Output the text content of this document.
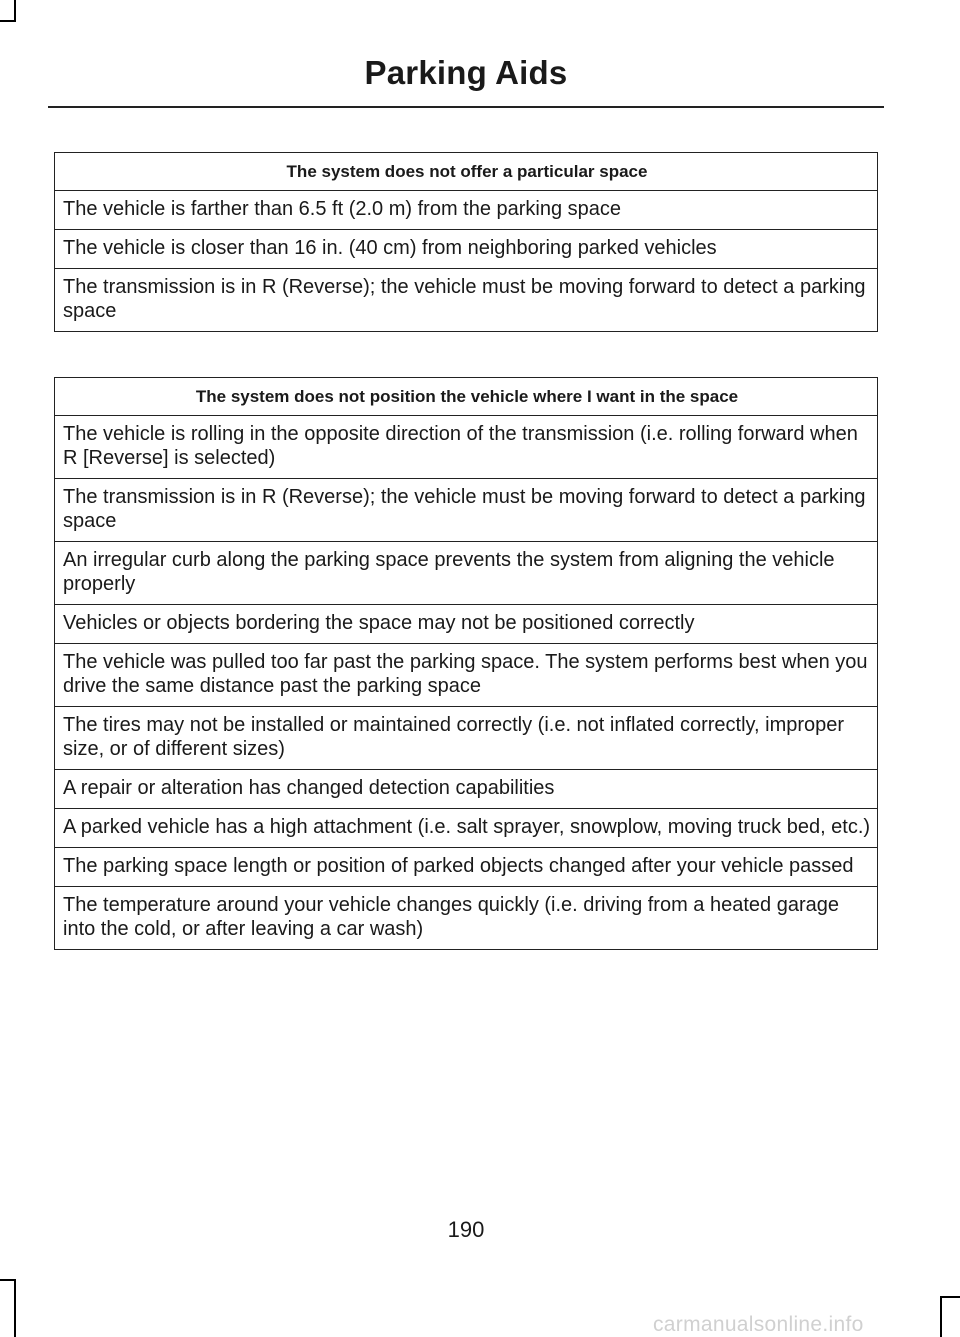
Parking Aids
The system does not offer a particular space
The vehicle is farther than 6.5 ft (2.0 m) from the parking space
The vehicle is closer than 16 in. (40 cm) from neighboring parked vehicles
The transmission is in R (Reverse); the vehicle must be moving forward to detect a parking space
The system does not position the vehicle where I want in the space
The vehicle is rolling in the opposite direction of the transmission (i.e. rolling forward when R [Reverse] is selected)
The transmission is in R (Reverse); the vehicle must be moving forward to detect a parking space
An irregular curb along the parking space prevents the system from aligning the vehicle properly
Vehicles or objects bordering the space may not be positioned correctly
The vehicle was pulled too far past the parking space. The system performs best when you drive the same distance past the parking space
The tires may not be installed or maintained correctly (i.e. not inflated correctly, improper size, or of different sizes)
A repair or alteration has changed detection capabilities
A parked vehicle has a high attachment (i.e. salt sprayer, snowplow, moving truck bed, etc.)
The parking space length or position of parked objects changed after your vehicle passed
The temperature around your vehicle changes quickly (i.e. driving from a heated garage into the cold, or after leaving a car wash)
190
carmanualsonline.info
